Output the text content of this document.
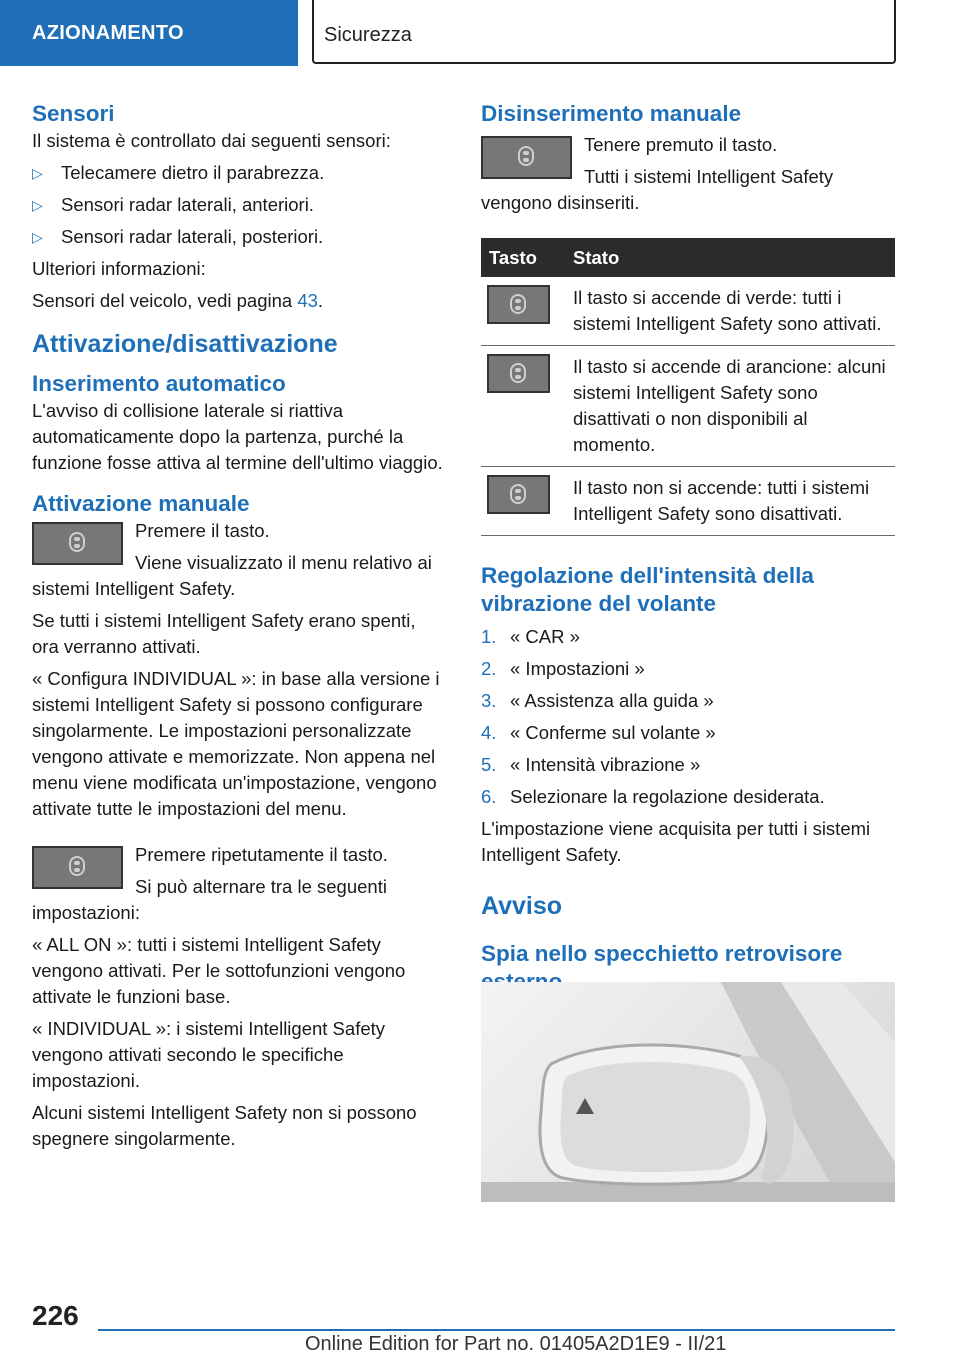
AZIONAMENTO	Sicurezza
Sensori

Il sistema è controllato dai seguenti sensori:

▷ Telecamere dietro il parabrezza.
▷ Sensori radar laterali, anteriori.
▷ Sensori radar laterali, posteriori.

Ulteriori informazioni:

Sensori del veicolo, vedi pagina 43.

Attivazione/disattivazione
Inserimento automatico

L'avviso di collisione laterale si riattiva automaticamente dopo la partenza, purché la funzione fosse attiva al termine dell'ultimo viaggio.

Attivazione manuale

Premere il tasto.

Viene visualizzato il menu relativo ai sistemi Intelligent Safety.

Se tutti i sistemi Intelligent Safety erano spenti, ora verranno attivati.

« Configura INDIVIDUAL »: in base alla versione i sistemi Intelligent Safety si possono configurare singolarmente. Le impostazioni personalizzate vengono attivate e memorizzate. Non appena nel menu viene modificata un'impostazione, vengono attivate tutte le impostazioni del menu.

Premere ripetutamente il tasto.

Si può alternare tra le seguenti impostazioni:

« ALL ON »: tutti i sistemi Intelligent Safety vengono attivati. Per le sottofunzioni vengono attivate le funzioni base.

« INDIVIDUAL »: i sistemi Intelligent Safety vengono attivati secondo le specifiche impostazioni.

Alcuni sistemi Intelligent Safety non si possono spegnere singolarmente.

Disinserimento manuale

Tenere premuto il tasto.

Tutti i sistemi Intelligent Safety vengono disinseriti.

Tasto	Stato

	Il tasto si accende di verde: tutti i sistemi Intelligent Safety sono attivati.

	Il tasto si accende di arancione: alcuni sistemi Intelligent Safety sono disattivati o non disponibili al momento.

	Il tasto non si accende: tutti i sistemi Intelligent Safety sono disattivati.
Regolazione dell'intensità della vibrazione del volante
1. « CAR »
2. « Impostazioni »
3. « Assistenza alla guida »
4. « Conferme sul volante »
5. « Intensità vibrazione »
6. Selezionare la regolazione desiderata.

L'impostazione viene acquisita per tutti i sistemi Intelligent Safety.

Avviso
Spia nello specchietto retrovisore
226
Online Edition for Part no. 01405A2D1E9 - II/21
